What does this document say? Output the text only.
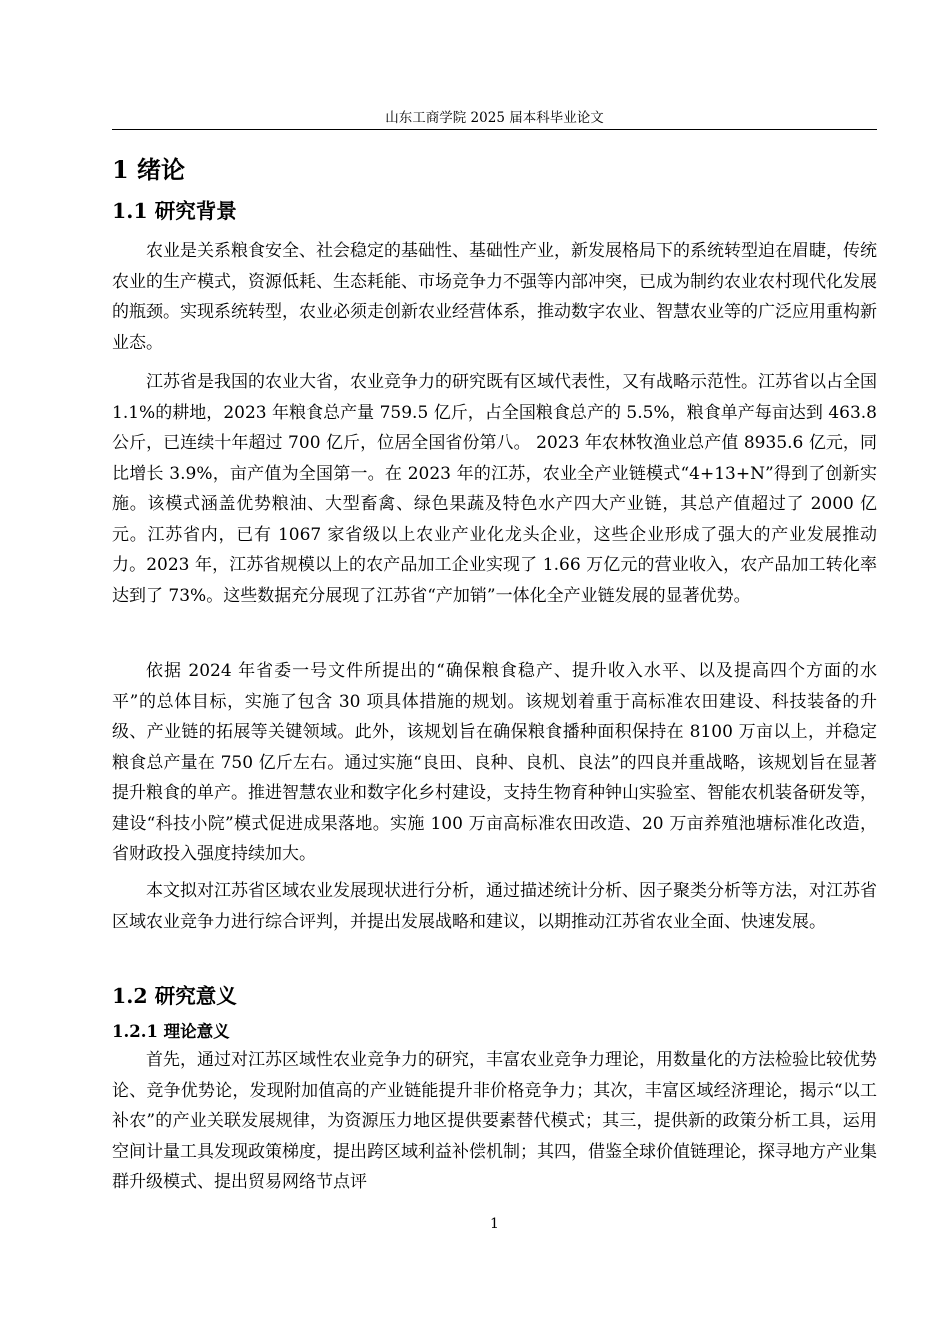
山东工商学院 2025 届本科毕业论文
1 绪论
1.1 研究背景

农业是关系粮食安全、社会稳定的基础性、基础性产业，新发展格局下的系统转型迫在眉睫，传统农业的生产模式，资源低耗、生态耗能、市场竞争力不强等内部冲突，已成为制约农业农村现代化发展的瓶颈。实现系统转型，农业必须走创新农业经营体系，推动数字农业、智慧农业等的广泛应用重构新业态。

江苏省是我国的农业大省，农业竞争力的研究既有区域代表性，又有战略示范性。江苏省以占全国 1.1%的耕地，2023 年粮食总产量 759.5 亿斤，占全国粮食总产的 5.5%，粮食单产每亩达到 463.8 公斤，已连续十年超过 700 亿斤，位居全国省份第八。 2023 年农林牧渔业总产值 8935.6 亿元，同比增长 3.9%，亩产值为全国第一。在 2023 年的江苏，农业全产业链模式“4+13+N”得到了创新实施。该模式涵盖优势粮油、大型畜禽、绿色果蔬及特色水产四大产业链，其总产值超过了 2000 亿元。江苏省内，已有 1067 家省级以上农业产业化龙头企业，这些企业形成了强大的产业发展推动力。2023 年，江苏省规模以上的农产品加工企业实现了 1.66 万亿元的营业收入，农产品加工转化率达到了 73%。这些数据充分展现了江苏省“产加销”一体化全产业链发展的显著优势。

依据 2024 年省委一号文件所提出的“确保粮食稳产、提升收入水平、以及提高四个方面的水平”的总体目标，实施了包含 30 项具体措施的规划。该规划着重于高标准农田建设、科技装备的升级、产业链的拓展等关键领域。此外，该规划旨在确保粮食播种面积保持在 8100 万亩以上，并稳定粮食总产量在 750 亿斤左右。通过实施“良田、良种、良机、良法”的四良并重战略，该规划旨在显著提升粮食的单产。推进智慧农业和数字化乡村建设，支持生物育种钟山实验室、智能农机装备研发等，建设“科技小院”模式促进成果落地。实施 100 万亩高标准农田改造、20 万亩养殖池塘标准化改造，省财政投入强度持续加大。

本文拟对江苏省区域农业发展现状进行分析，通过描述统计分析、因子聚类分析等方法，对江苏省区域农业竞争力进行综合评判，并提出发展战略和建议，以期推动江苏省农业全面、快速发展。

1.2 研究意义
1.2.1 理论意义

首先，通过对江苏区域性农业竞争力的研究，丰富农业竞争力理论，用数量化的方法检验比较优势论、竞争优势论，发现附加值高的产业链能提升非价格竞争力；其次，丰富区域经济理论，揭示“以工补农”的产业关联发展规律，为资源压力地区提供要素替代模式；其三，提供新的政策分析工具，运用空间计量工具发现政策梯度，提出跨区域利益补偿机制；其四，借鉴全球价值链理论，探寻地方产业集群升级模式、提出贸易网络节点评

1
